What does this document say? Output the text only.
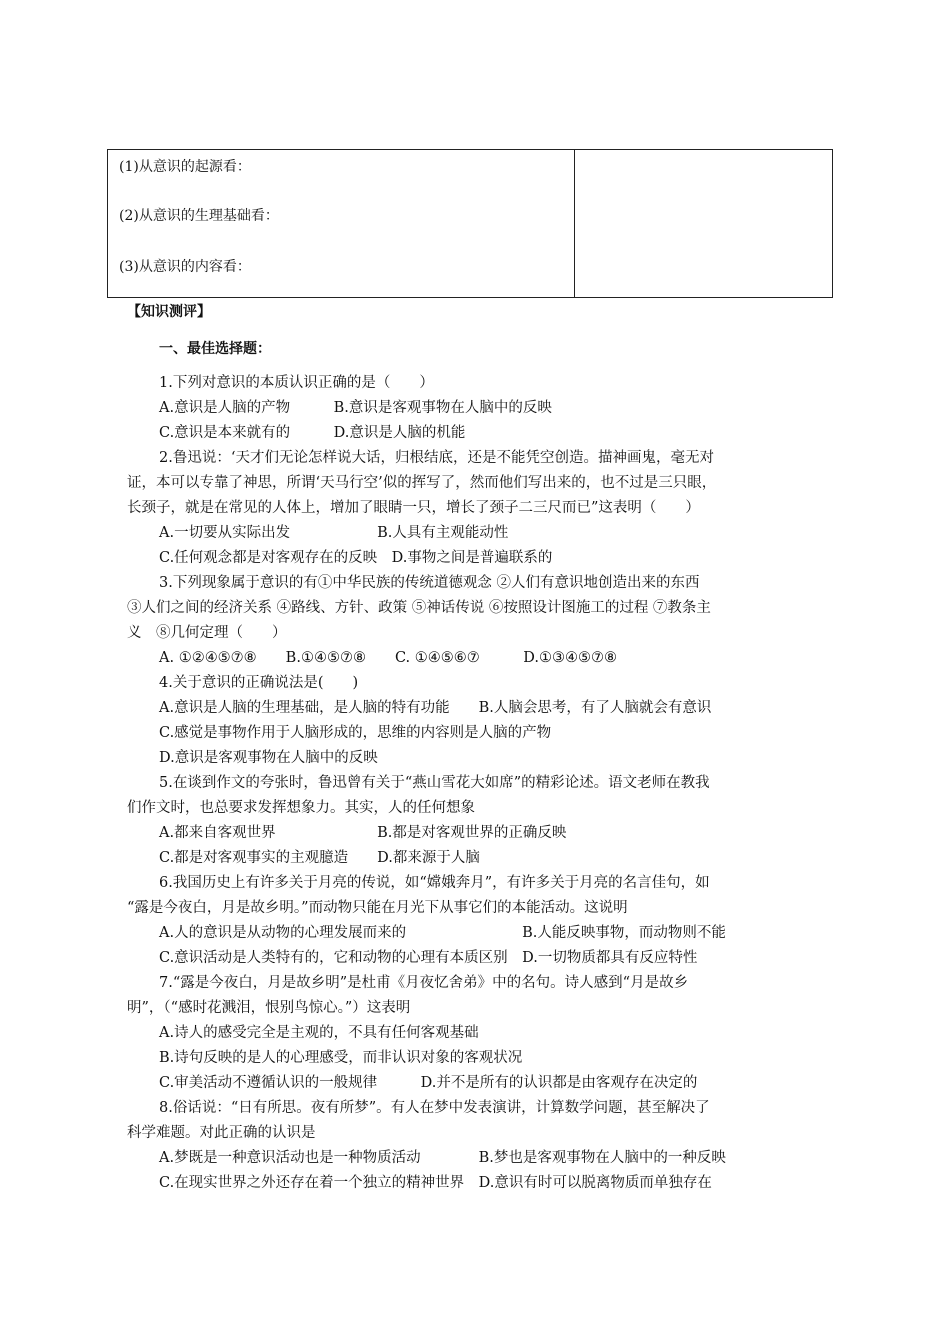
(1)从意识的起源看：
(2)从意识的生理基础看：
(3)从意识的内容看：
【知识测评】
一、最佳选择题：
1.下列对意识的本质认识正确的是（　　）
A.意识是人脑的产物　　　B.意识是客观事物在人脑中的反映
C.意识是本来就有的　　　D.意识是人脑的机能
2.鲁迅说：‘天才们无论怎样说大话，归根结底，还是不能凭空创造。描神画鬼，毫无对
证，本可以专靠了神思，所谓‘天马行空’似的挥写了，然而他们写出来的，也不过是三只眼，
长颈子，就是在常见的人体上，增加了眼睛一只，增长了颈子二三尺而已”这表明（　　）
A.一切要从实际出发　　　　　　B.人具有主观能动性
C.任何观念都是对客观存在的反映　D.事物之间是普遍联系的
3.下列现象属于意识的有①中华民族的传统道德观念 ②人们有意识地创造出来的东西
③人们之间的经济关系 ④路线、方针、政策 ⑤神话传说 ⑥按照设计图施工的过程 ⑦教条主
义　⑧几何定理（　　）
A. ①②④⑤⑦⑧　　B.①④⑤⑦⑧　　C. ①④⑤⑥⑦　　　D.①③④⑤⑦⑧
4.关于意识的正确说法是(　　)
A.意识是人脑的生理基础，是人脑的特有功能　　B.人脑会思考，有了人脑就会有意识
C.感觉是事物作用于人脑形成的，思维的内容则是人脑的产物
D.意识是客观事物在人脑中的反映
5.在谈到作文的夸张时，鲁迅曾有关于“燕山雪花大如席”的精彩论述。语文老师在教我
们作文时，也总要求发挥想象力。其实，人的任何想象
A.都来自客观世界　　　　　　　B.都是对客观世界的正确反映
C.都是对客观事实的主观臆造　　D.都来源于人脑
6.我国历史上有许多关于月亮的传说，如“嫦娥奔月”，有许多关于月亮的名言佳句，如
“露是今夜白，月是故乡明。”而动物只能在月光下从事它们的本能活动。这说明
A.人的意识是从动物的心理发展而来的　　　　　　　　B.人能反映事物，而动物则不能
C.意识活动是人类特有的，它和动物的心理有本质区别　D.一切物质都具有反应特性
7.“露是今夜白，月是故乡明”是杜甫《月夜忆舍弟》中的名句。诗人感到“月是故乡
明”，（“感时花溅泪，恨别鸟惊心。”）这表明
A.诗人的感受完全是主观的，不具有任何客观基础
B.诗句反映的是人的心理感受，而非认识对象的客观状况
C.审美活动不遵循认识的一般规律　　　D.并不是所有的认识都是由客观存在决定的
8.俗话说：“日有所思。夜有所梦”。有人在梦中发表演讲，计算数学问题，甚至解决了
科学难题。对此正确的认识是
A.梦既是一种意识活动也是一种物质活动　　　　B.梦也是客观事物在人脑中的一种反映
C.在现实世界之外还存在着一个独立的精神世界　D.意识有时可以脱离物质而单独存在
